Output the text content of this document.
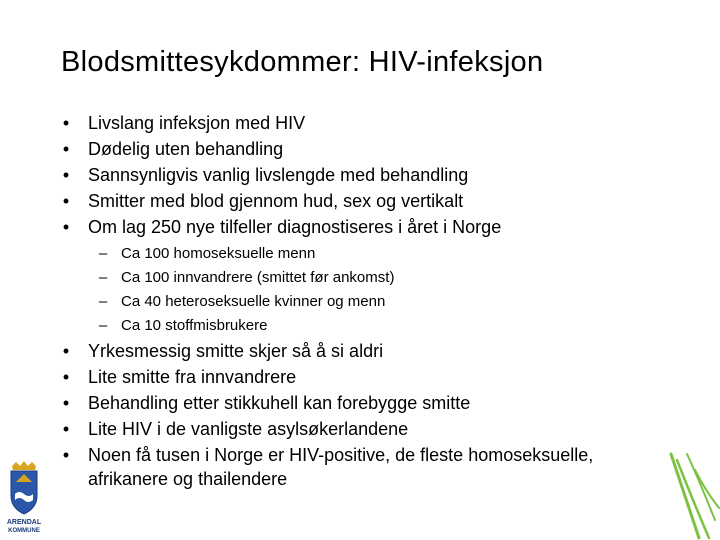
Blodsmittesykdommer: HIV-infeksjon
• Livslang infeksjon med HIV
• Dødelig uten behandling
• Sannsynligvis vanlig livslengde med behandling
• Smitter med blod gjennom hud, sex og vertikalt
• Om lag 250 nye tilfeller diagnostiseres i året i Norge
– Ca 100 homoseksuelle menn
– Ca 100 innvandrere (smittet før ankomst)
– Ca 40 heteroseksuelle kvinner og menn
– Ca 10 stoffmisbrukere
• Yrkesmessig smitte skjer så å si aldri
• Lite smitte fra innvandrere
• Behandling etter stikkuhell kan forebygge smitte
• Lite HIV i de vanligste asylsøkerlandene
• Noen få tusen i Norge er HIV-positive, de fleste homoseksuelle, afrikanere og thailendere
ARENDAL
KOMMUNE
